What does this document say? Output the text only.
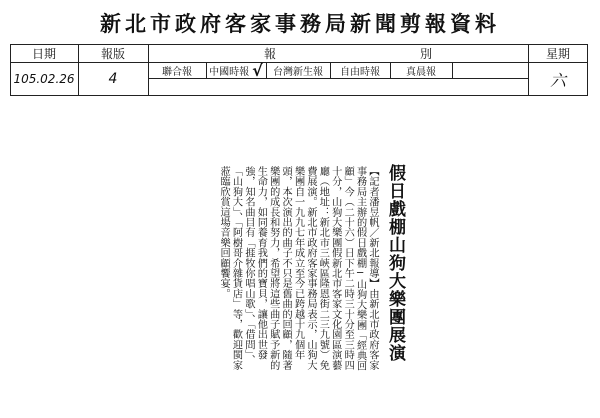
新北市政府客家事務局新聞剪報資料
日期	報版	報	別	星期
105.02.26	4	聯合報	中國時報 √	台灣新生報	自由時報	真晨報	六
假日戲棚山狗大樂團展演
【記者潘昱帆／新北報導】由新北市政府客家事務局主辦的假日戲棚─山狗大樂團「經典回顧」今（二十六）日下午二時三十分至三時四十分，山狗大樂團假新北市客家文化園區演藝廳（地址：新北市三峽區隆恩街二三九號）免費展演。新北市政府客家事務局表示，山狗大樂團自一九九七年成立至今已跨越十九個年頭，本次演出的曲子不只是舊曲的回顧，隨著樂團的成長和努力，希望將這些曲子賦予新的生命力，如同養育我們的寶貝，讓他出世發強，知名曲目有「捱牧你唱山歌」、「借問」、「山狗大」、「阿樹哥介雜貨店」等，歡迎閩家蒞臨欣賞這場音樂回顧饗宴。
